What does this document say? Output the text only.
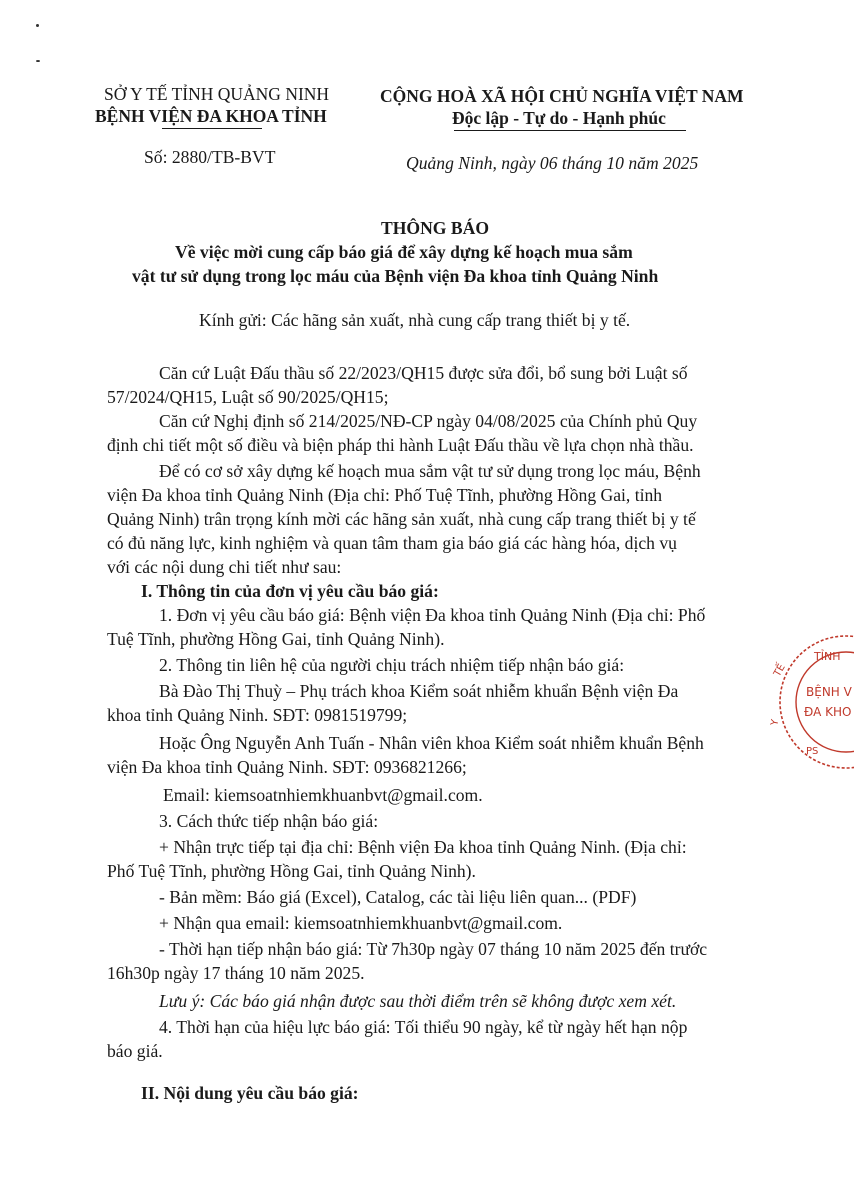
SỞ Y TẾ TỈNH QUẢNG NINH
BỆNH VIỆN ĐA KHOA TỈNH
Số: 2880/TB-BVT
CỘNG HOÀ XÃ HỘI CHỦ NGHĨA VIỆT NAM
Độc lập - Tự do - Hạnh phúc
Quảng Ninh, ngày 06 tháng 10 năm 2025
THÔNG BÁO
Về việc mời cung cấp báo giá để xây dựng kế hoạch mua sắm
vật tư sử dụng trong lọc máu của Bệnh viện Đa khoa tỉnh Quảng Ninh
Kính gửi: Các hãng sản xuất, nhà cung cấp trang thiết bị y tế.
Căn cứ Luật Đấu thầu số 22/2023/QH15 được sửa đổi, bổ sung bởi Luật số
57/2024/QH15, Luật số 90/2025/QH15;
Căn cứ Nghị định số 214/2025/NĐ-CP ngày 04/08/2025 của Chính phủ Quy
định chi tiết một số điều và biện pháp thi hành Luật Đấu thầu về lựa chọn nhà thầu.
Để có cơ sở xây dựng kế hoạch mua sắm vật tư sử dụng trong lọc máu, Bệnh
viện Đa khoa tỉnh Quảng Ninh (Địa chỉ: Phố Tuệ Tĩnh, phường Hồng Gai, tỉnh
Quảng Ninh) trân trọng kính mời các hãng sản xuất, nhà cung cấp trang thiết bị y tế
có đủ năng lực, kinh nghiệm và quan tâm tham gia báo giá các hàng hóa, dịch vụ
với các nội dung chi tiết như sau:
I. Thông tin của đơn vị yêu cầu báo giá:
1. Đơn vị yêu cầu báo giá: Bệnh viện Đa khoa tỉnh Quảng Ninh (Địa chỉ: Phố
Tuệ Tĩnh, phường Hồng Gai, tỉnh Quảng Ninh).
2. Thông tin liên hệ của người chịu trách nhiệm tiếp nhận báo giá:
Bà Đào Thị Thuỳ – Phụ trách khoa Kiểm soát nhiễm khuẩn Bệnh viện Đa
khoa tỉnh Quảng Ninh. SĐT: 0981519799;
Hoặc Ông Nguyễn Anh Tuấn - Nhân viên khoa Kiểm soát nhiễm khuẩn Bệnh
viện Đa khoa tỉnh Quảng Ninh. SĐT: 0936821266;
Email: kiemsoatnhiemkhuanbvt@gmail.com.
3. Cách thức tiếp nhận báo giá:
+ Nhận trực tiếp tại địa chỉ: Bệnh viện Đa khoa tỉnh Quảng Ninh. (Địa chỉ:
Phố Tuệ Tĩnh, phường Hồng Gai, tỉnh Quảng Ninh).
- Bản mềm: Báo giá (Excel), Catalog, các tài liệu liên quan... (PDF)
+ Nhận qua email: kiemsoatnhiemkhuanbvt@gmail.com.
- Thời hạn tiếp nhận báo giá: Từ 7h30p ngày 07 tháng 10 năm 2025 đến trước
16h30p ngày 17 tháng 10 năm 2025.
Lưu ý: Các báo giá nhận được sau thời điểm trên sẽ không được xem xét.
4. Thời hạn của hiệu lực báo giá: Tối thiểu 90 ngày, kể từ ngày hết hạn nộp
báo giá.
II. Nội dung yêu cầu báo giá:
TỈNH
TẾ
Y
BỆNH V
ĐA KHO
PS
